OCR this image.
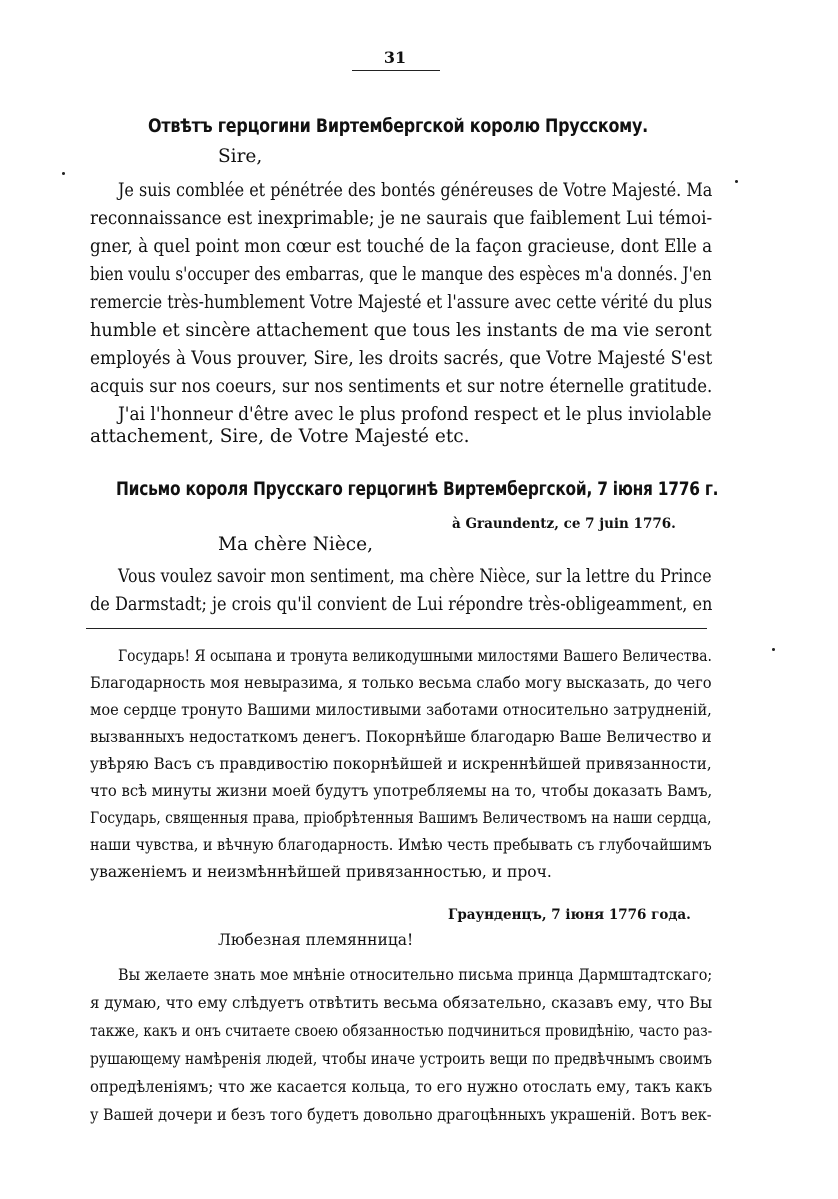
31
Отвѣтъ герцогини Виртембергской королю Прусскому.
Sire,
Je suis comblée et pénétrée des bontés généreuses de Votre Majesté. Ma
reconnaissance est inexprimable; je ne saurais que faiblement Lui témoi-
gner, à quel point mon cœur est touché de la façon gracieuse, dont Elle a
bien voulu s'occuper des embarras, que le manque des espèces m'a donnés. J'en
remercie très-humblement Votre Majesté et l'assure avec cette vérité du plus
humble et sincère attachement que tous les instants de ma vie seront
employés à Vous prouver, Sire, les droits sacrés, que Votre Majesté S'est
acquis sur nos coeurs, sur nos sentiments et sur notre éternelle gratitude.
J'ai l'honneur d'être avec le plus profond respect et le plus inviolable
attachement, Sire, de Votre Majesté etc.
Письмо короля Прусскаго герцогинѣ Виртембергской, 7 іюня 1776 г.
à Graundentz, ce 7 juin 1776.
Ma chère Nièce,
Vous voulez savoir mon sentiment, ma chère Nièce, sur la lettre du Prince
de Darmstadt; je crois qu'il convient de Lui répondre très-obligeamment, en
Государь! Я осыпана и тронута великодушными милостями Вашего Величества.
Благодарность моя невыразима, я только весьма слабо могу высказать, до чего
мое сердце тронуто Вашими милостивыми заботами относительно затрудненій,
вызванныхъ недостаткомъ денегъ. Покорнѣйше благодарю Ваше Величество и
увѣряю Васъ съ правдивостію покорнѣйшей и искреннѣйшей привязанности,
что всѣ минуты жизни моей будутъ употребляемы на то, чтобы доказать Вамъ,
Государь, священныя права, пріобрѣтенныя Вашимъ Величествомъ на наши сердца,
наши чувства, и вѣчную благодарность. Имѣю честь пребывать съ глубочайшимъ
уваженіемъ и неизмѣннѣйшей привязанностью, и проч.
Граунденцъ, 7 іюня 1776 года.
Любезная племянница!
Вы желаете знать мое мнѣніе относительно письма принца Дармштадтскаго;
я думаю, что ему слѣдуетъ отвѣтить весьма обязательно, сказавъ ему, что Вы
также, какъ и онъ считаете своею обязанностью подчиниться провидѣнію, часто раз-
рушающему намѣренія людей, чтобы иначе устроить вещи по предвѣчнымъ своимъ
опредѣленіямъ; что же касается кольца, то его нужно отослать ему, такъ какъ
у Вашей дочери и безъ того будетъ довольно драгоцѣнныхъ украшеній. Вотъ век-
